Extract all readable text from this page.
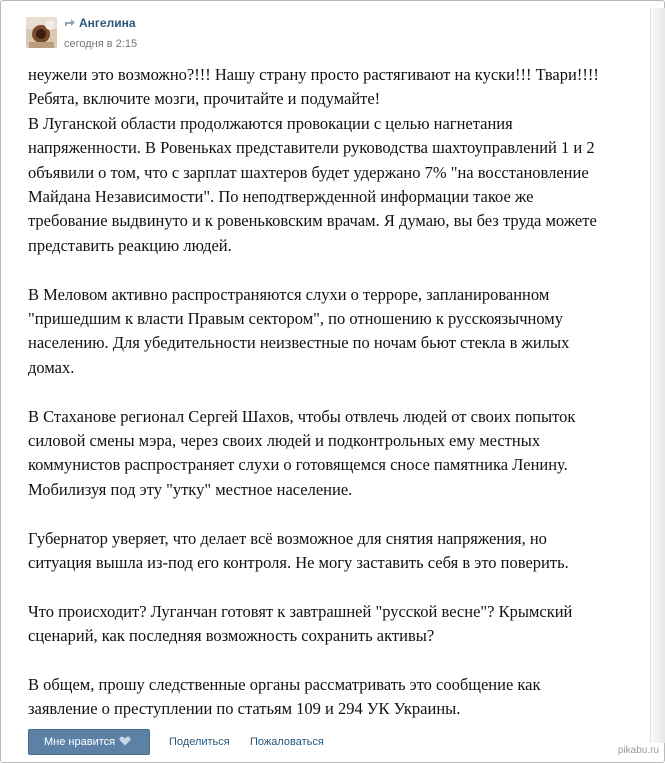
Ангелина
сегодня в 2:15
неужели это возможно?!!! Нашу страну просто растягивают на куски!!! Твари!!!!
Ребята, включите мозги, прочитайте и подумайте!
В Луганской области продолжаются провокации с целью нагнетания
напряженности. В Ровеньках представители руководства шахтоуправлений 1 и 2
объявили о том, что с зарплат шахтеров будет удержано 7% "на восстановление
Майдана Независимости". По неподтвержденной информации такое же
требование выдвинуто и к ровеньковским врачам. Я думаю, вы без труда можете
представить реакцию людей.
В Меловом активно распространяются слухи о терроре, запланированном
"пришедшим к власти Правым сектором", по отношению к русскоязычному
населению. Для убедительности неизвестные по ночам бьют стекла в жилых
домах.
В Стаханове регионал Сергей Шахов, чтобы отвлечь людей от своих попыток
силовой смены мэра, через своих людей и подконтрольных ему местных
коммунистов распространяет слухи о готовящемся сносе памятника Ленину.
Мобилизуя под эту "утку" местное население.
Губернатор уверяет, что делает всё возможное для снятия напряжения, но
ситуация вышла из-под его контроля. Не могу заставить себя в это поверить.
Что происходит? Луганчан готовят к завтрашней "русской весне"? Крымский
сценарий, как последняя возможность сохранить активы?
В общем, прошу следственные органы рассматривать это сообщение как
заявление о преступлении по статьям 109 и 294 УК Украины.
Мне нравится	Поделиться Пожаловаться
pikabu.ru
